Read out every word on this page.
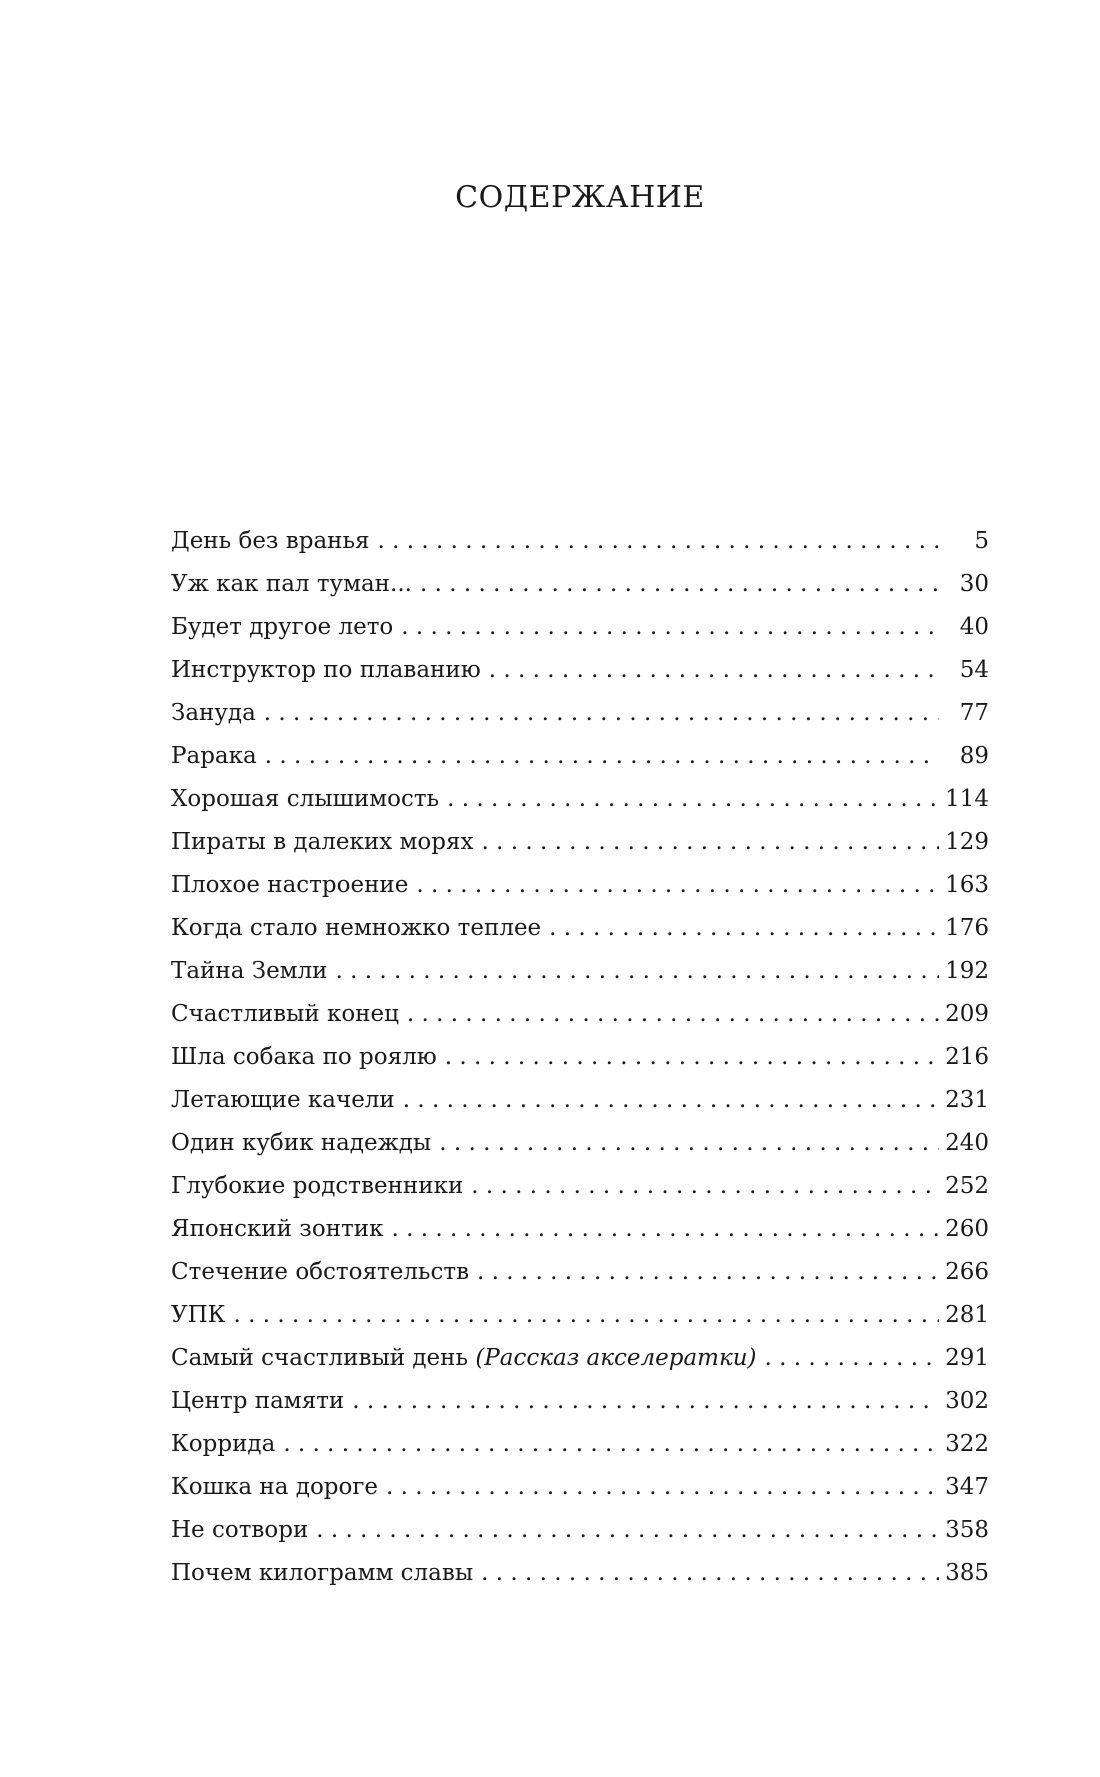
СОДЕРЖАНИЕ
День без вранья . . .	5
Уж как пал туман... . . .	30
Будет другое лето . . .	40
Инструктор по плаванию . . .	54
Зануда . . .	77
Рарака . . .	89
Хорошая слышимость . . .	114
Пираты в далеких морях . . .	129
Плохое настроение . . .	163
Когда стало немножко теплее . . .	176
Тайна Земли . . .	192
Счастливый конец . . .	209
Шла собака по роялю . . .	216
Летающие качели . . .	231
Один кубик надежды . . .	240
Глубокие родственники . . .	252
Японский зонтик . . .	260
Стечение обстоятельств . . .	266
УПК . . .	281
Самый счастливый день (Рассказ акселератки) . . .	291
Центр памяти . . .	302
Коррида . . .	322
Кошка на дороге . . .	347
Не сотвори . . .	358
Почем килограмм славы . . .	385
